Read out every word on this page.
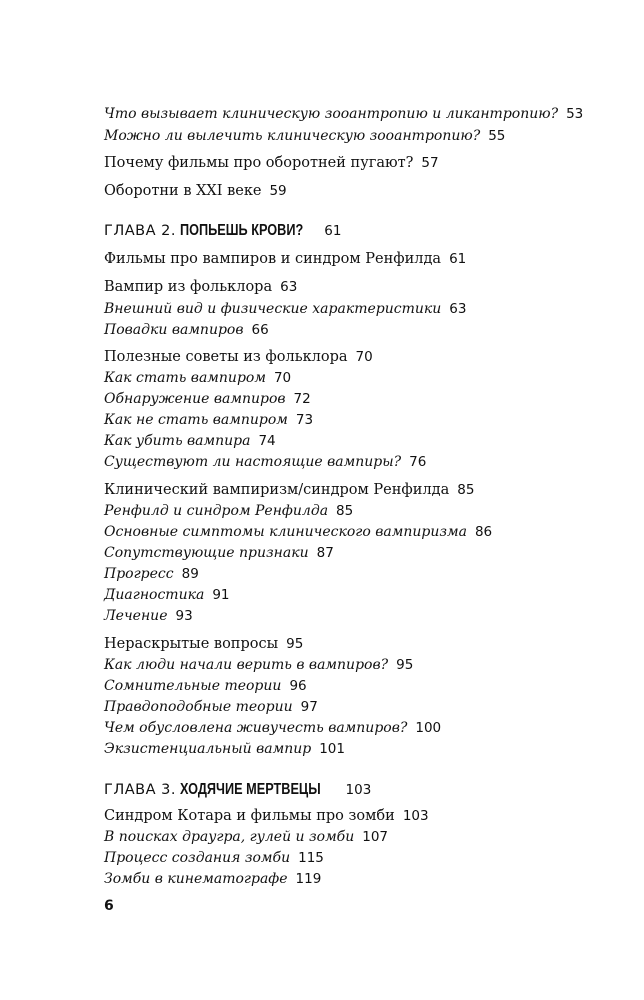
Что вызывает клиническую зооантропию и ликантропию? 53
Можно ли вылечить клиническую зооантропию? 55
Почему фильмы про оборотней пугают? 57
Оборотни в XXI веке 59
ГЛАВА 2. ПОПЬЕШЬ КРОВИ? 61
Фильмы про вампиров и синдром Ренфилда 61
Вампир из фольклора 63
Внешний вид и физические характеристики 63
Повадки вампиров 66
Полезные советы из фольклора 70
Как стать вампиром 70
Обнаружение вампиров 72
Как не стать вампиром 73
Как убить вампира 74
Существуют ли настоящие вампиры? 76
Клинический вампиризм/синдром Ренфилда 85
Ренфилд и синдром Ренфилда 85
Основные симптомы клинического вампиризма 86
Сопутствующие признаки 87
Прогресс 89
Диагностика 91
Лечение 93
Нераскрытые вопросы 95
Как люди начали верить в вампиров? 95
Сомнительные теории 96
Правдоподобные теории 97
Чем обусловлена живучесть вампиров? 100
Экзистенциальный вампир 101
ГЛАВА 3. ХОДЯЧИЕ МЕРТВЕЦЫ 103
Синдром Котара и фильмы про зомби 103
В поисках драугра, гулей и зомби 107
Процесс создания зомби 115
Зомби в кинематографе 119
6
